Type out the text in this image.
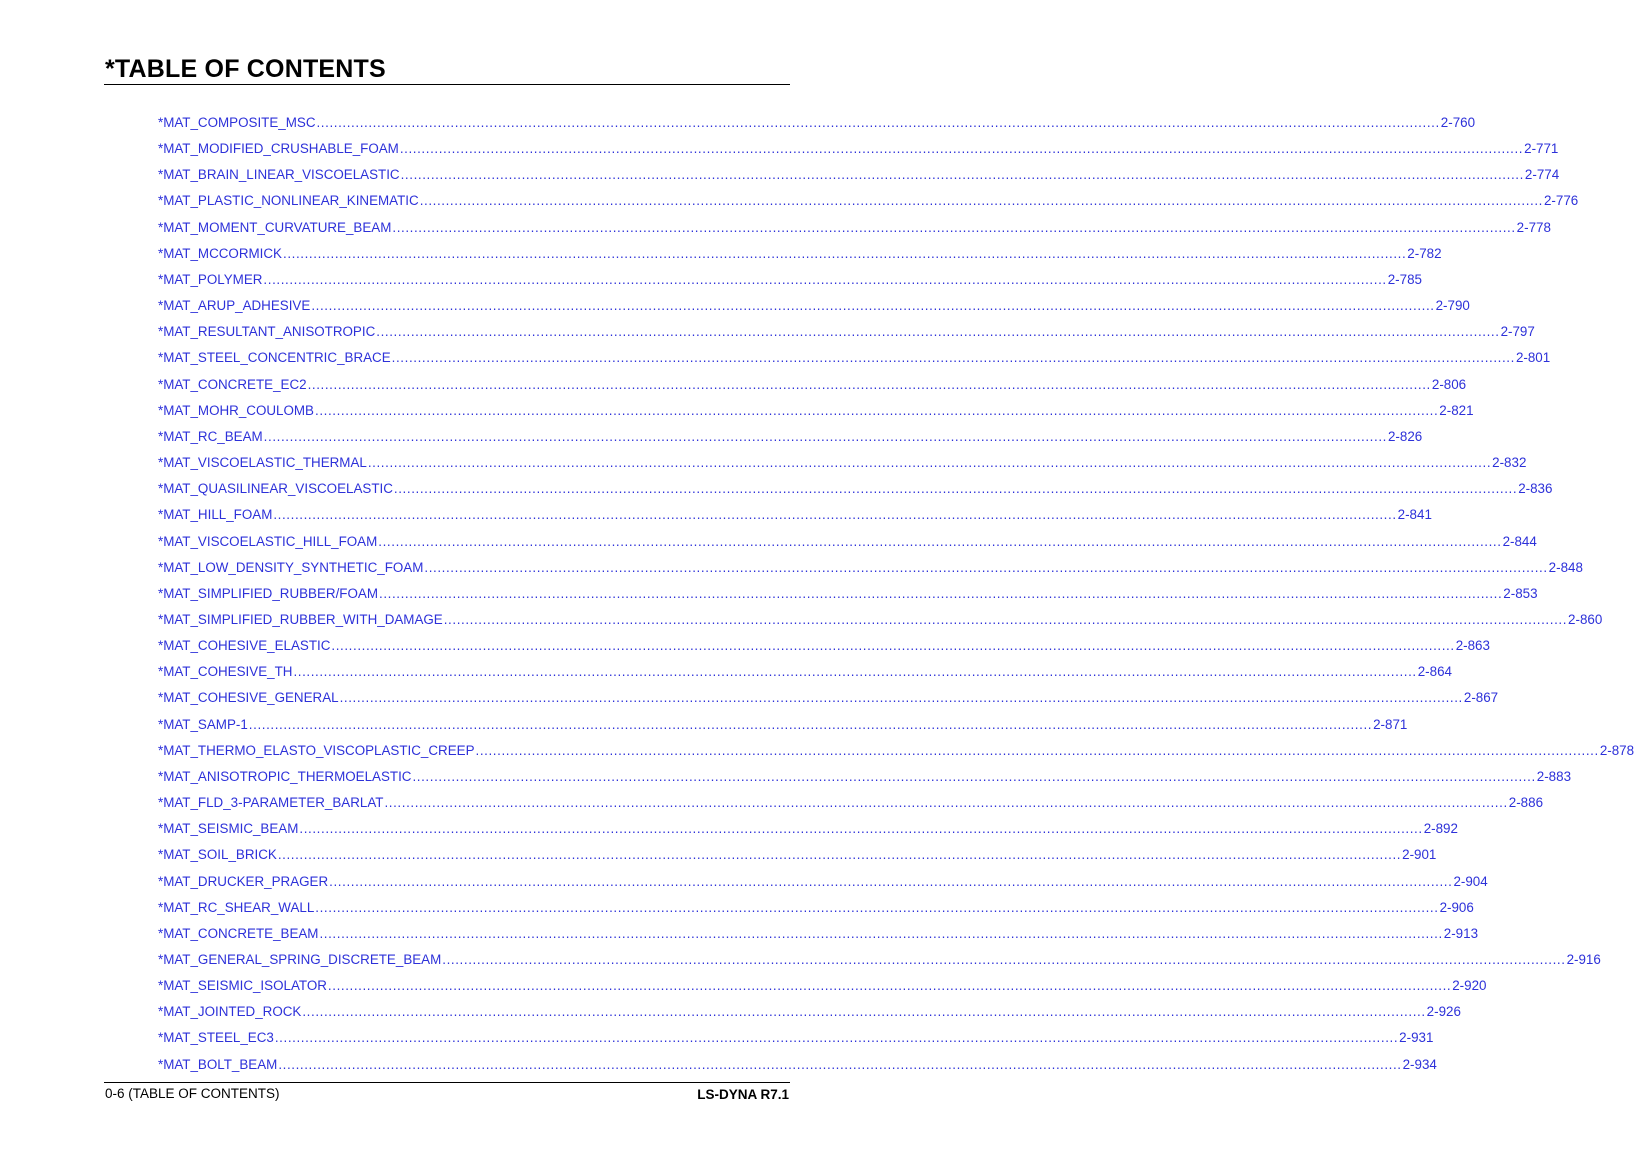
*TABLE OF CONTENTS
*MAT_COMPOSITE_MSC .................................................................................................................................................................................................................................................................... 2-760
*MAT_MODIFIED_CRUSHABLE_FOAM .................................................................................................................................................................................................................................................................... 2-771
*MAT_BRAIN_LINEAR_VISCOELASTIC .................................................................................................................................................................................................................................................................... 2-774
*MAT_PLASTIC_NONLINEAR_KINEMATIC .................................................................................................................................................................................................................................................................... 2-776
*MAT_MOMENT_CURVATURE_BEAM .................................................................................................................................................................................................................................................................... 2-778
*MAT_MCCORMICK .................................................................................................................................................................................................................................................................... 2-782
*MAT_POLYMER .................................................................................................................................................................................................................................................................... 2-785
*MAT_ARUP_ADHESIVE .................................................................................................................................................................................................................................................................... 2-790
*MAT_RESULTANT_ANISOTROPIC .................................................................................................................................................................................................................................................................... 2-797
*MAT_STEEL_CONCENTRIC_BRACE .................................................................................................................................................................................................................................................................... 2-801
*MAT_CONCRETE_EC2 .................................................................................................................................................................................................................................................................... 2-806
*MAT_MOHR_COULOMB .................................................................................................................................................................................................................................................................... 2-821
*MAT_RC_BEAM .................................................................................................................................................................................................................................................................... 2-826
*MAT_VISCOELASTIC_THERMAL .................................................................................................................................................................................................................................................................... 2-832
*MAT_QUASILINEAR_VISCOELASTIC .................................................................................................................................................................................................................................................................... 2-836
*MAT_HILL_FOAM .................................................................................................................................................................................................................................................................... 2-841
*MAT_VISCOELASTIC_HILL_FOAM .................................................................................................................................................................................................................................................................... 2-844
*MAT_LOW_DENSITY_SYNTHETIC_FOAM .................................................................................................................................................................................................................................................................... 2-848
*MAT_SIMPLIFIED_RUBBER/FOAM .................................................................................................................................................................................................................................................................... 2-853
*MAT_SIMPLIFIED_RUBBER_WITH_DAMAGE .................................................................................................................................................................................................................................................................... 2-860
*MAT_COHESIVE_ELASTIC .................................................................................................................................................................................................................................................................... 2-863
*MAT_COHESIVE_TH .................................................................................................................................................................................................................................................................... 2-864
*MAT_COHESIVE_GENERAL .................................................................................................................................................................................................................................................................... 2-867
*MAT_SAMP-1 .................................................................................................................................................................................................................................................................... 2-871
*MAT_THERMO_ELASTO_VISCOPLASTIC_CREEP .................................................................................................................................................................................................................................................................... 2-878
*MAT_ANISOTROPIC_THERMOELASTIC .................................................................................................................................................................................................................................................................... 2-883
*MAT_FLD_3-PARAMETER_BARLAT .................................................................................................................................................................................................................................................................... 2-886
*MAT_SEISMIC_BEAM .................................................................................................................................................................................................................................................................... 2-892
*MAT_SOIL_BRICK .................................................................................................................................................................................................................................................................... 2-901
*MAT_DRUCKER_PRAGER .................................................................................................................................................................................................................................................................... 2-904
*MAT_RC_SHEAR_WALL .................................................................................................................................................................................................................................................................... 2-906
*MAT_CONCRETE_BEAM .................................................................................................................................................................................................................................................................... 2-913
*MAT_GENERAL_SPRING_DISCRETE_BEAM .................................................................................................................................................................................................................................................................... 2-916
*MAT_SEISMIC_ISOLATOR .................................................................................................................................................................................................................................................................... 2-920
*MAT_JOINTED_ROCK .................................................................................................................................................................................................................................................................... 2-926
*MAT_STEEL_EC3 .................................................................................................................................................................................................................................................................... 2-931
*MAT_BOLT_BEAM .................................................................................................................................................................................................................................................................... 2-934
0-6 (TABLE OF CONTENTS)	LS-DYNA R7.1
